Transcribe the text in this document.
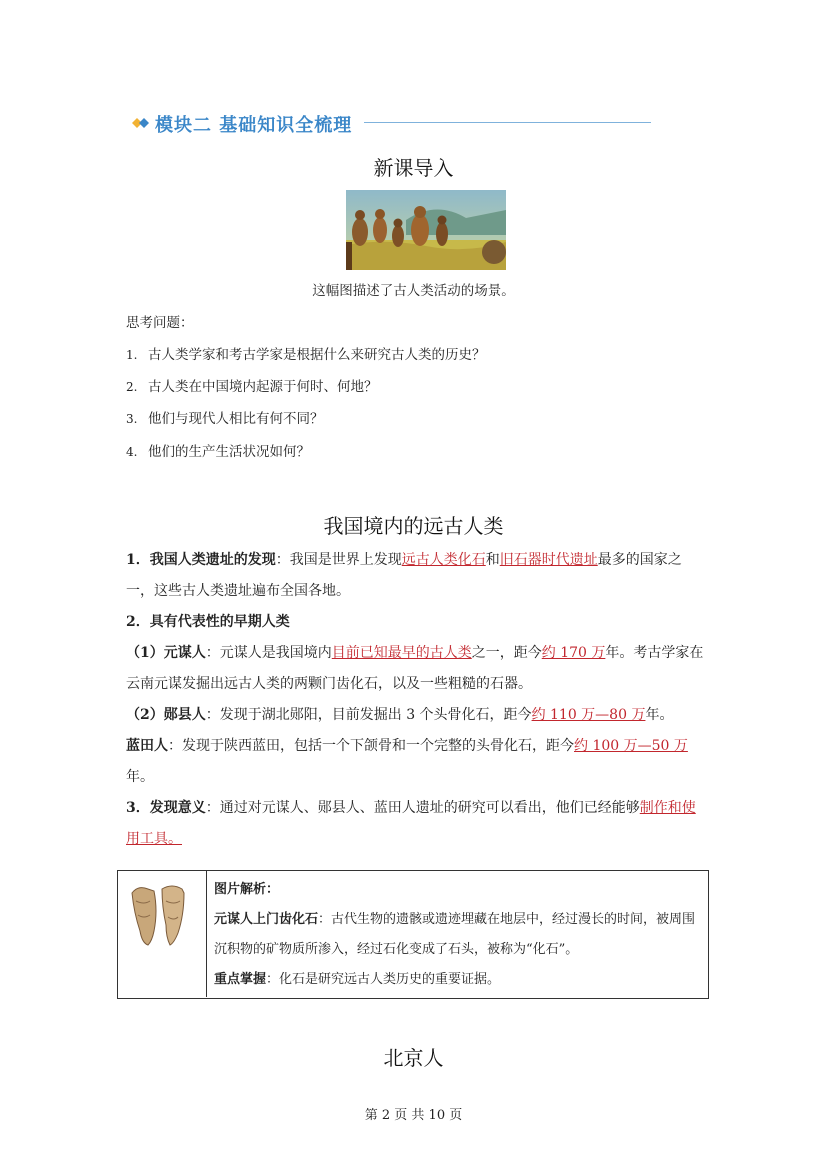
模块二 基础知识全梳理
新课导入
这幅图描述了古人类活动的场景。
思考问题：
1. 古人类学家和考古学家是根据什么来研究古人类的历史？
2. 古人类在中国境内起源于何时、何地？
3. 他们与现代人相比有何不同？
4. 他们的生产生活状况如何？
我国境内的远古人类

1．我国人类遗址的发现：我国是世界上发现远古人类化石和旧石器时代遗址最多的国家之一，这些古人类遗址遍布全国各地。

2．具有代表性的早期人类

（1）元谋人：元谋人是我国境内目前已知最早的古人类之一，距今约 170 万年。考古学家在云南元谋发掘出远古人类的两颗门齿化石，以及一些粗糙的石器。

（2）郧县人：发现于湖北郧阳，目前发掘出 3 个头骨化石，距今约 110 万—80 万年。

蓝田人：发现于陕西蓝田，包括一个下颌骨和一个完整的头骨化石，距今约 100 万—50 万年。

3．发现意义：通过对元谋人、郧县人、蓝田人遗址的研究可以看出，他们已经能够制作和使用工具。

图片解析：

元谋人上门齿化石：古代生物的遗骸或遗迹埋藏在地层中，经过漫长的时间，被周围沉积物的矿物质所渗入，经过石化变成了石头，被称为“化石”。

重点掌握：化石是研究远古人类历史的重要证据。

北京人
第 2 页 共 10 页
